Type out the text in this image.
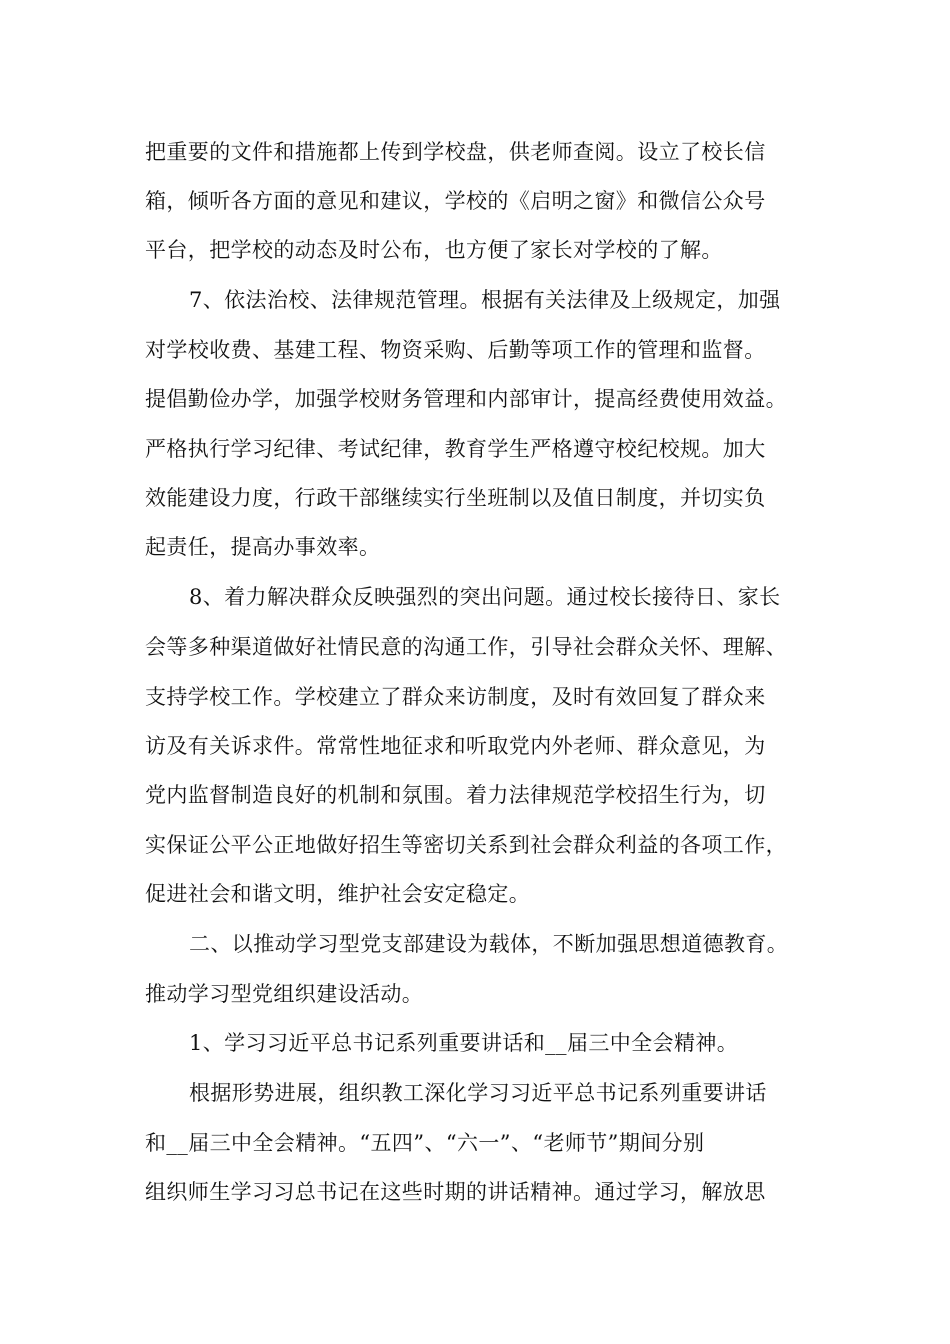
把重要的文件和措施都上传到学校盘，供老师查阅。设立了校长信
箱，倾听各方面的意见和建议，学校的《启明之窗》和微信公众号
平台，把学校的动态及时公布，也方便了家长对学校的了解。
7、依法治校、法律规范管理。根据有关法律及上级规定，加强
对学校收费、基建工程、物资采购、后勤等项工作的管理和监督。
提倡勤俭办学，加强学校财务管理和内部审计，提高经费使用效益。
严格执行学习纪律、考试纪律，教育学生严格遵守校纪校规。加大
效能建设力度，行政干部继续实行坐班制以及值日制度，并切实负
起责任，提高办事效率。
8、着力解决群众反映强烈的突出问题。通过校长接待日、家长
会等多种渠道做好社情民意的沟通工作，引导社会群众关怀、理解、
支持学校工作。学校建立了群众来访制度，及时有效回复了群众来
访及有关诉求件。常常性地征求和听取党内外老师、群众意见，为
党内监督制造良好的机制和氛围。着力法律规范学校招生行为，切
实保证公平公正地做好招生等密切关系到社会群众利益的各项工作，
促进社会和谐文明，维护社会安定稳定。
二、以推动学习型党支部建设为载体，不断加强思想道德教育。
推动学习型党组织建设活动。
1、学习习近平总书记系列重要讲话和__届三中全会精神。
根据形势进展，组织教工深化学习习近平总书记系列重要讲话
和__届三中全会精神。“五四”、“六一”、“老师节”期间分别
组织师生学习习总书记在这些时期的讲话精神。通过学习，解放思
